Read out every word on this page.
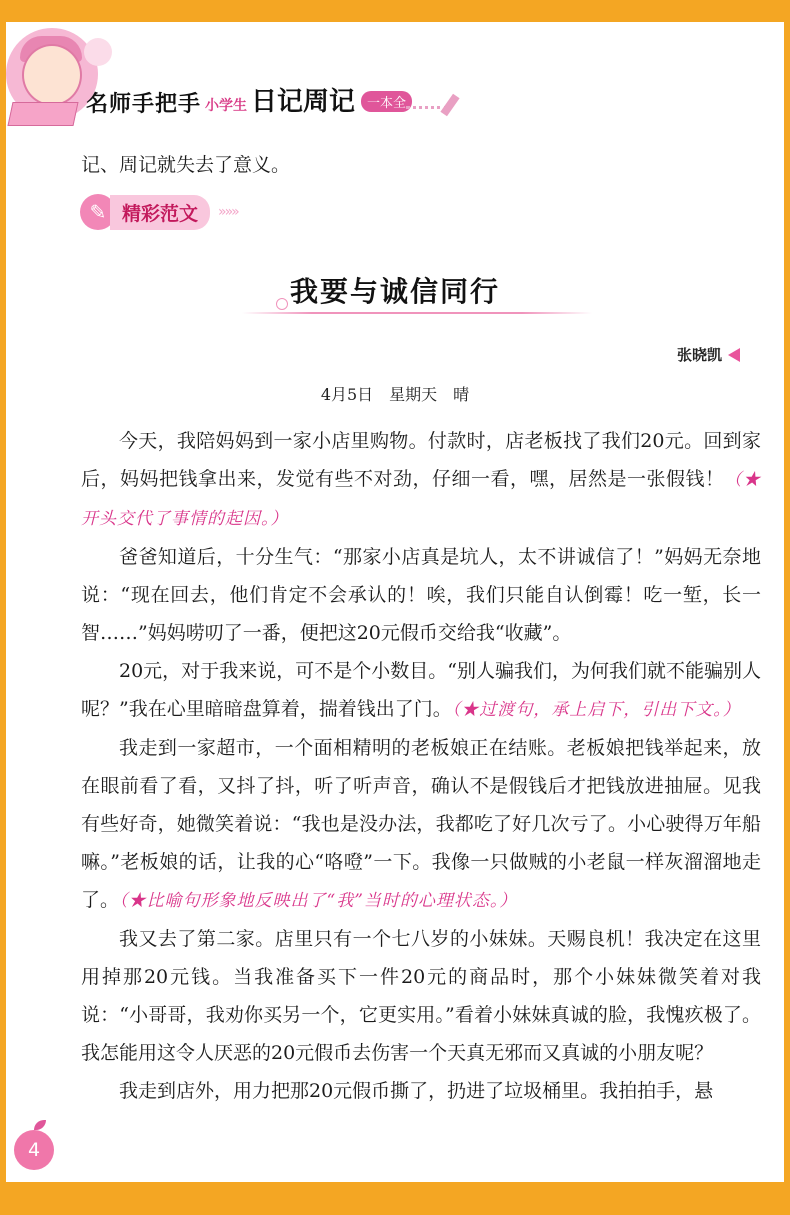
名师手把手 小学生 日记周记 一本全
记、周记就失去了意义。
✎ 精彩范文	»»»
我要与诚信同行
张晓凯
4月5日　星期天　晴

今天，我陪妈妈到一家小店里购物。付款时，店老板找了我们20元。回到家后，妈妈把钱拿出来，发觉有些不对劲，仔细一看，嘿，居然是一张假钱！（★开头交代了事情的起因。）

爸爸知道后，十分生气：“那家小店真是坑人，太不讲诚信了！”妈妈无奈地说：“现在回去，他们肯定不会承认的！唉，我们只能自认倒霉！吃一堑，长一智……”妈妈唠叨了一番，便把这20元假币交给我“收藏”。

20元，对于我来说，可不是个小数目。“别人骗我们，为何我们就不能骗别人呢？”我在心里暗暗盘算着，揣着钱出了门。（★过渡句，承上启下，引出下文。）

我走到一家超市，一个面相精明的老板娘正在结账。老板娘把钱举起来，放在眼前看了看，又抖了抖，听了听声音，确认不是假钱后才把钱放进抽屉。见我有些好奇，她微笑着说：“我也是没办法，我都吃了好几次亏了。小心驶得万年船嘛。”老板娘的话，让我的心“咯噔”一下。我像一只做贼的小老鼠一样灰溜溜地走了。（★比喻句形象地反映出了“我”当时的心理状态。）

我又去了第二家。店里只有一个七八岁的小妹妹。天赐良机！我决定在这里用掉那20元钱。当我准备买下一件20元的商品时，那个小妹妹微笑着对我说：“小哥哥，我劝你买另一个，它更实用。”看着小妹妹真诚的脸，我愧疚极了。我怎能用这令人厌恶的20元假币去伤害一个天真无邪而又真诚的小朋友呢？

我走到店外，用力把那20元假币撕了，扔进了垃圾桶里。我拍拍手，悬

4
